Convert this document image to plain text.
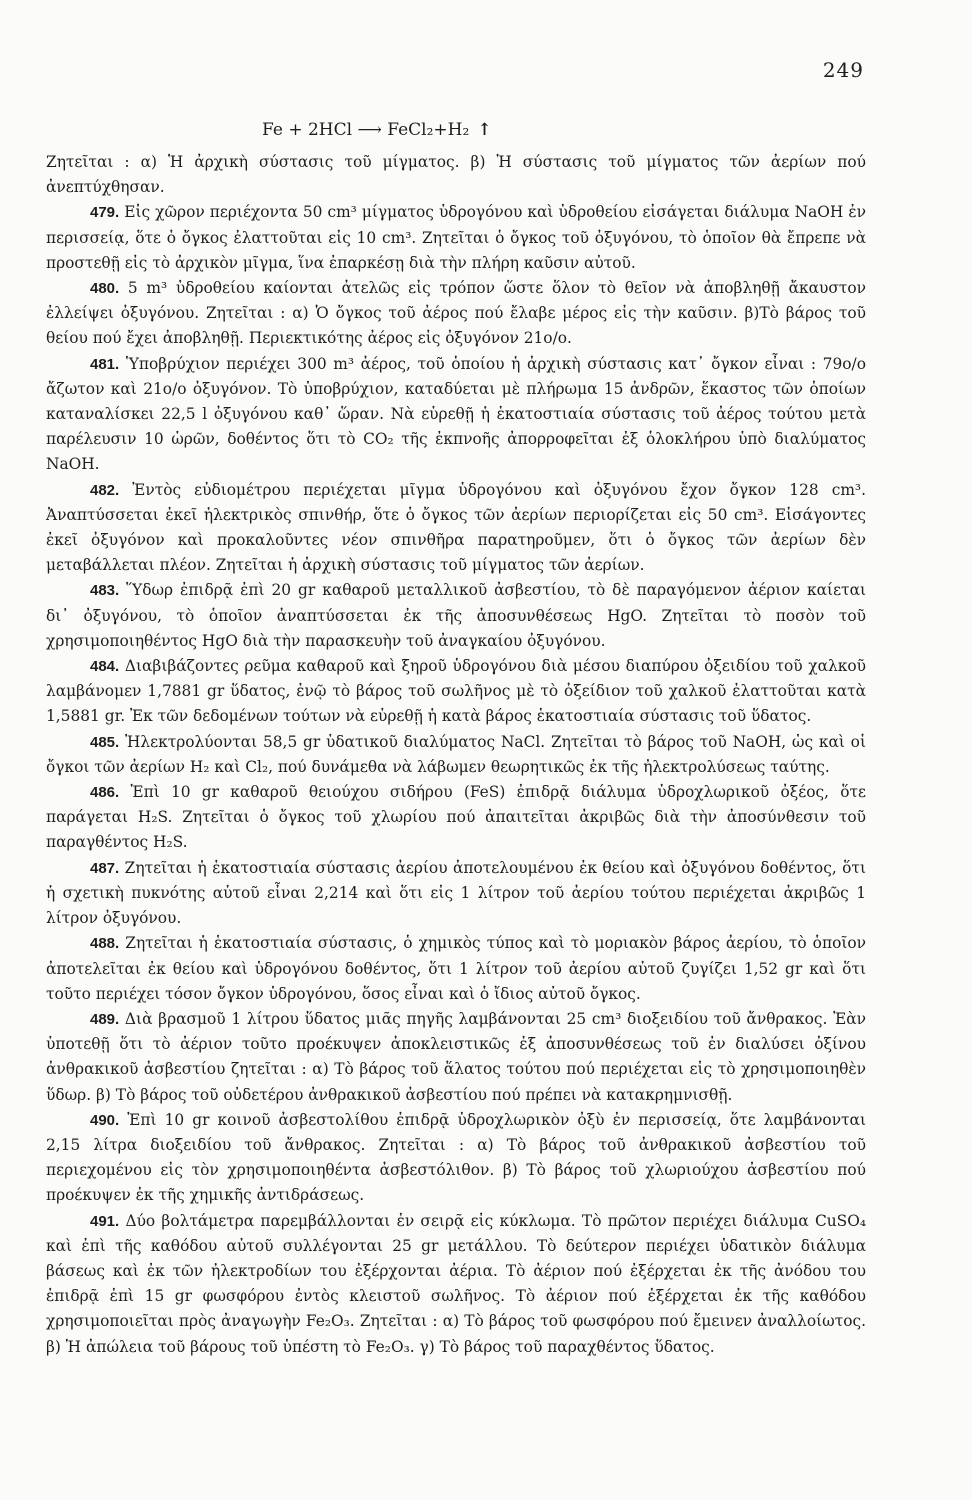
249
Fe + 2HCl ⟶ FeCl₂+H₂ ↑

Ζητεῖται : α) Ἡ ἀρχικὴ σύστασις τοῦ μίγματος. β) Ἡ σύστασις τοῦ μίγματος τῶν ἀερίων πού ἀνεπτύχθησαν.

479. Εἰς χῶρον περιέχοντα 50 cm³ μίγματος ὑδρογόνου καὶ ὑδροθείου εἰσάγεται διάλυμα NaOH ἐν περισσείᾳ, ὅτε ὁ ὄγκος ἐλαττοῦται εἰς 10 cm³. Ζητεῖται ὁ ὄγκος τοῦ ὀξυγόνου, τὸ ὁποῖον θὰ ἔπρεπε νὰ προστεθῇ εἰς τὸ ἀρχικὸν μῖγμα, ἵνα ἐπαρκέσῃ διὰ τὴν πλήρη καῦσιν αὐτοῦ.

480. 5 m³ ὑδροθείου καίονται ἀτελῶς εἰς τρόπον ὥστε ὅλον τὸ θεῖον νὰ ἀποβληθῇ ἄκαυστον ἐλλείψει ὀξυγόνου. Ζητεῖται : α) Ὁ ὄγκος τοῦ ἀέρος πού ἔλαβε μέρος εἰς τὴν καῦσιν. β)Τὸ βάρος τοῦ θείου πού ἔχει ἀποβληθῇ. Περιεκτικότης ἀέρος εἰς ὀξυγόνον 21ο/ο.

481. Ὑποβρύχιον περιέχει 300 m³ ἀέρος, τοῦ ὁποίου ἡ ἀρχικὴ σύστασις κατ᾽ ὄγκον εἶναι : 79ο/ο ἄζωτον καὶ 21ο/ο ὀξυγόνον. Τὸ ὑποβρύχιον, καταδύεται μὲ πλήρωμα 15 ἀνδρῶν, ἕκαστος τῶν ὁποίων καταναλίσκει 22,5 l ὀξυγόνου καθ᾽ ὥραν. Νὰ εὑρεθῇ ἡ ἑκατοστιαία σύστασις τοῦ ἀέρος τούτου μετὰ παρέλευσιν 10 ὡρῶν, δοθέντος ὅτι τὸ CO₂ τῆς ἐκπνοῆς ἀπορροφεῖται ἐξ ὁλοκλήρου ὑπὸ διαλύματος NaOH.

482. Ἐντὸς εὐδιομέτρου περιέχεται μῖγμα ὑδρογόνου καὶ ὀξυγόνου ἔχον ὄγκον 128 cm³. Ἀναπτύσσεται ἐκεῖ ἠλεκτρικὸς σπινθήρ, ὅτε ὁ ὄγκος τῶν ἀερίων περιορίζεται εἰς 50 cm³. Εἰσάγοντες ἐκεῖ ὀξυγόνον καὶ προκαλοῦντες νέον σπινθῆρα παρατηροῦμεν, ὅτι ὁ ὄγκος τῶν ἀερίων δὲν μεταβάλλεται πλέον. Ζητεῖται ἡ ἀρχικὴ σύστασις τοῦ μίγματος τῶν ἀερίων.

483. Ὕδωρ ἐπιδρᾷ ἐπὶ 20 gr καθαροῦ μεταλλικοῦ ἀσβεστίου, τὸ δὲ παραγόμενον ἀέριον καίεται δι᾽ ὀξυγόνου, τὸ ὁποῖον ἀναπτύσσεται ἐκ τῆς ἀποσυνθέσεως HgO. Ζητεῖται τὸ ποσὸν τοῦ χρησιμοποιηθέντος HgO διὰ τὴν παρασκευὴν τοῦ ἀναγκαίου ὀξυγόνου.

484. Διαβιβάζοντες ρεῦμα καθαροῦ καὶ ξηροῦ ὑδρογόνου διὰ μέσου διαπύρου ὀξειδίου τοῦ χαλκοῦ λαμβάνομεν 1,7881 gr ὕδατος, ἐνῷ τὸ βάρος τοῦ σωλῆνος μὲ τὸ ὀξείδιον τοῦ χαλκοῦ ἐλαττοῦται κατὰ 1,5881 gr. Ἐκ τῶν δεδομένων τούτων νὰ εὑρεθῇ ἡ κατὰ βάρος ἑκατοστιαία σύστασις τοῦ ὕδατος.

485. Ἠλεκτρολύονται 58,5 gr ὑδατικοῦ διαλύματος NaCl. Ζητεῖται τὸ βάρος τοῦ NaOH, ὡς καὶ οἱ ὄγκοι τῶν ἀερίων H₂ καὶ Cl₂, πού δυνάμεθα νὰ λάβωμεν θεωρητικῶς ἐκ τῆς ἠλεκτρολύσεως ταύτης.

486. Ἐπὶ 10 gr καθαροῦ θειούχου σιδήρου (FeS) ἐπιδρᾷ διάλυμα ὑδροχλωρικοῦ ὀξέος, ὅτε παράγεται H₂S. Ζητεῖται ὁ ὄγκος τοῦ χλωρίου πού ἀπαιτεῖται ἀκριβῶς διὰ τὴν ἀποσύνθεσιν τοῦ παραγθέντος H₂S.

487. Ζητεῖται ἡ ἑκατοστιαία σύστασις ἀερίου ἀποτελουμένου ἐκ θείου καὶ ὀξυγόνου δοθέντος, ὅτι ἡ σχετικὴ πυκνότης αὐτοῦ εἶναι 2,214 καὶ ὅτι εἰς 1 λίτρον τοῦ ἀερίου τούτου περιέχεται ἀκριβῶς 1 λίτρον ὀξυγόνου.

488. Ζητεῖται ἡ ἑκατοστιαία σύστασις, ὁ χημικὸς τύπος καὶ τὸ μοριακὸν βάρος ἀερίου, τὸ ὁποῖον ἀποτελεῖται ἐκ θείου καὶ ὑδρογόνου δοθέντος, ὅτι 1 λίτρον τοῦ ἀερίου αὐτοῦ ζυγίζει 1,52 gr καὶ ὅτι τοῦτο περιέχει τόσον ὄγκον ὑδρογόνου, ὅσος εἶναι καὶ ὁ ἴδιος αὐτοῦ ὄγκος.

489. Διὰ βρασμοῦ 1 λίτρου ὕδατος μιᾶς πηγῆς λαμβάνονται 25 cm³ διοξειδίου τοῦ ἄνθρακος. Ἐὰν ὑποτεθῇ ὅτι τὸ ἀέριον τοῦτο προέκυψεν ἀποκλειστικῶς ἐξ ἀποσυνθέσεως τοῦ ἐν διαλύσει ὀξίνου ἀνθρακικοῦ ἀσβεστίου ζητεῖται : α) Τὸ βάρος τοῦ ἅλατος τούτου πού περιέχεται εἰς τὸ χρησιμοποιηθὲν ὕδωρ. β) Τὸ βάρος τοῦ οὐδετέρου ἀνθρακικοῦ ἀσβεστίου πού πρέπει νὰ κατακρημνισθῇ.

490. Ἐπὶ 10 gr κοινοῦ ἀσβεστολίθου ἐπιδρᾷ ὑδροχλωρικὸν ὀξὺ ἐν περισσείᾳ, ὅτε λαμβάνονται 2,15 λίτρα διοξειδίου τοῦ ἄνθρακος. Ζητεῖται : α) Τὸ βάρος τοῦ ἀνθρακικοῦ ἀσβεστίου τοῦ περιεχομένου εἰς τὸν χρησιμοποιηθέντα ἀσβεστόλιθον. β) Τὸ βάρος τοῦ χλωριούχου ἀσβεστίου πού προέκυψεν ἐκ τῆς χημικῆς ἀντιδράσεως.

491. Δύο βολτάμετρα παρεμβάλλονται ἐν σειρᾷ εἰς κύκλωμα. Τὸ πρῶτον περιέχει διάλυμα CuSO₄ καὶ ἐπὶ τῆς καθόδου αὐτοῦ συλλέγονται 25 gr μετάλλου. Τὸ δεύτερον περιέχει ὑδατικὸν διάλυμα βάσεως καὶ ἐκ τῶν ἠλεκτροδίων του ἐξέρχονται ἀέρια. Τὸ ἀέριον πού ἐξέρχεται ἐκ τῆς ἀνόδου του ἐπιδρᾷ ἐπὶ 15 gr φωσφόρου ἐντὸς κλειστοῦ σωλῆνος. Τὸ ἀέριον πού ἐξέρχεται ἐκ τῆς καθόδου χρησιμοποιεῖται πρὸς ἀναγωγὴν Fe₂O₃. Ζητεῖται : α) Τὸ βάρος τοῦ φωσφόρου πού ἔμεινεν ἀναλλοίωτος. β) Ἡ ἀπώλεια τοῦ βάρους τοῦ ὑπέστη τὸ Fe₂O₃. γ) Τὸ βάρος τοῦ παραχθέντος ὕδατος.
